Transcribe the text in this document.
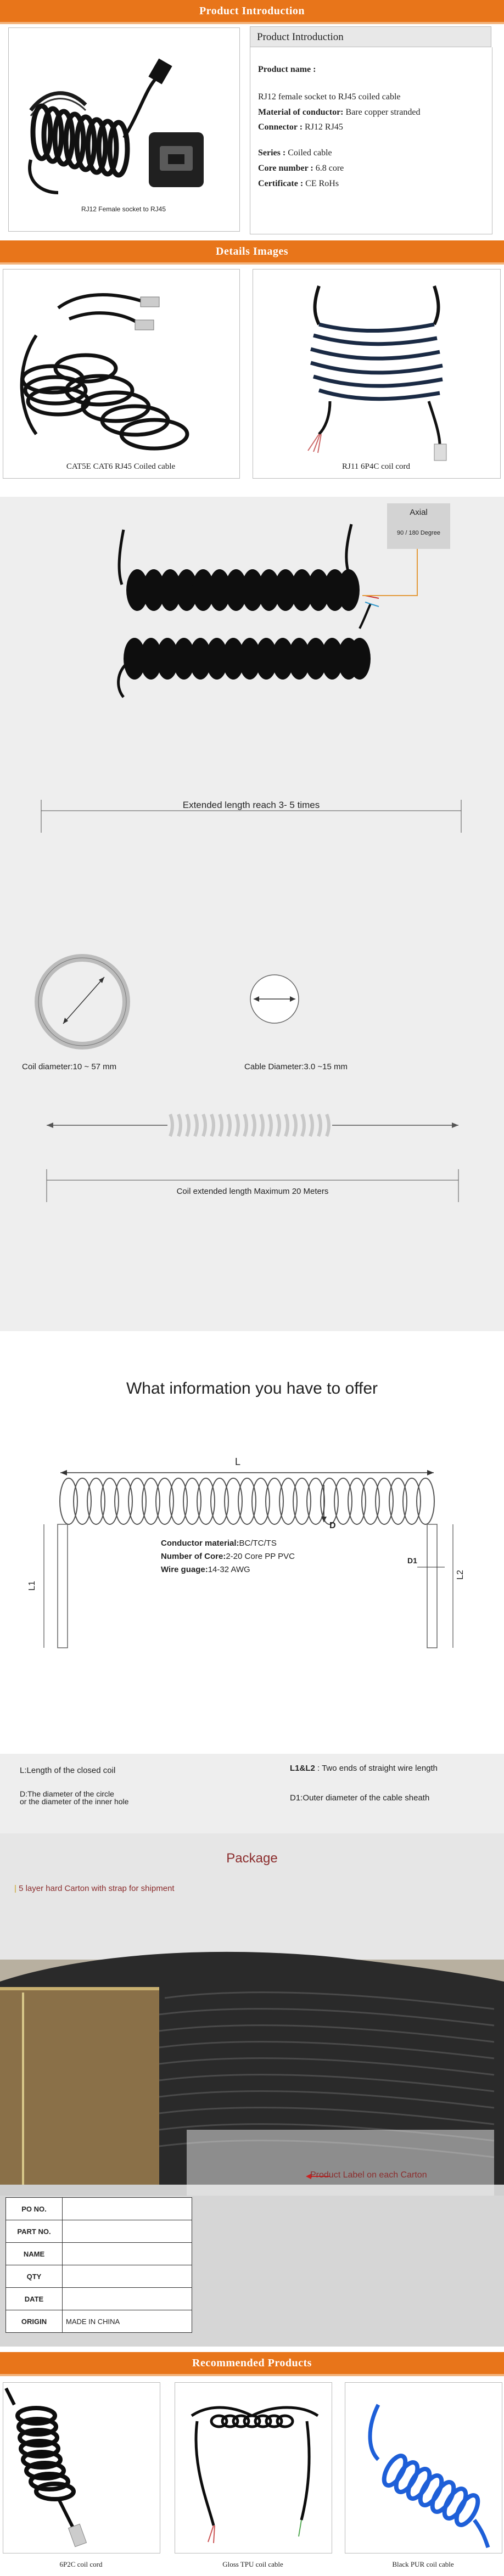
Product Introduction
RJ12 Female socket to RJ45
Product Introduction
Product name :
RJ12 female socket to RJ45 coiled cable
Material of conductor: Bare copper stranded
Connector : RJ12 RJ45
Series : Coiled cable
Core number : 6.8 core
Certificate : CE RoHs
Details Images
CAT5E CAT6 RJ45 Coiled cable	RJ11 6P4C coil cord
Axial
90 / 180 Degree
Extended length reach 3- 5 times
Coil diameter:10 ~ 57 mm	Cable Diameter:3.0 ~15 mm
Coil extended length Maximum 20 Meters
What information you have to offer
L
D
D1
L1
L2
Conductor material:BC/TC/TS
Number of Core:2-20 Core PP PVC
Wire guage:14-32 AWG
L:Length of the closed coil
D:The diameter of the circle
or the diameter of the inner hole
L1&L2 : Two ends of straight wire length
D1:Outer diameter of the cable sheath
Package
| 5 layer hard Carton with strap for shipment
Product Label on each Carton
PO NO.	
PART NO.	
NAME	
QTY	
DATE	
ORIGIN	MADE IN CHINA
Recommended Products
6P2C coil cord	Gloss TPU coil cable	Black PUR coil cable
